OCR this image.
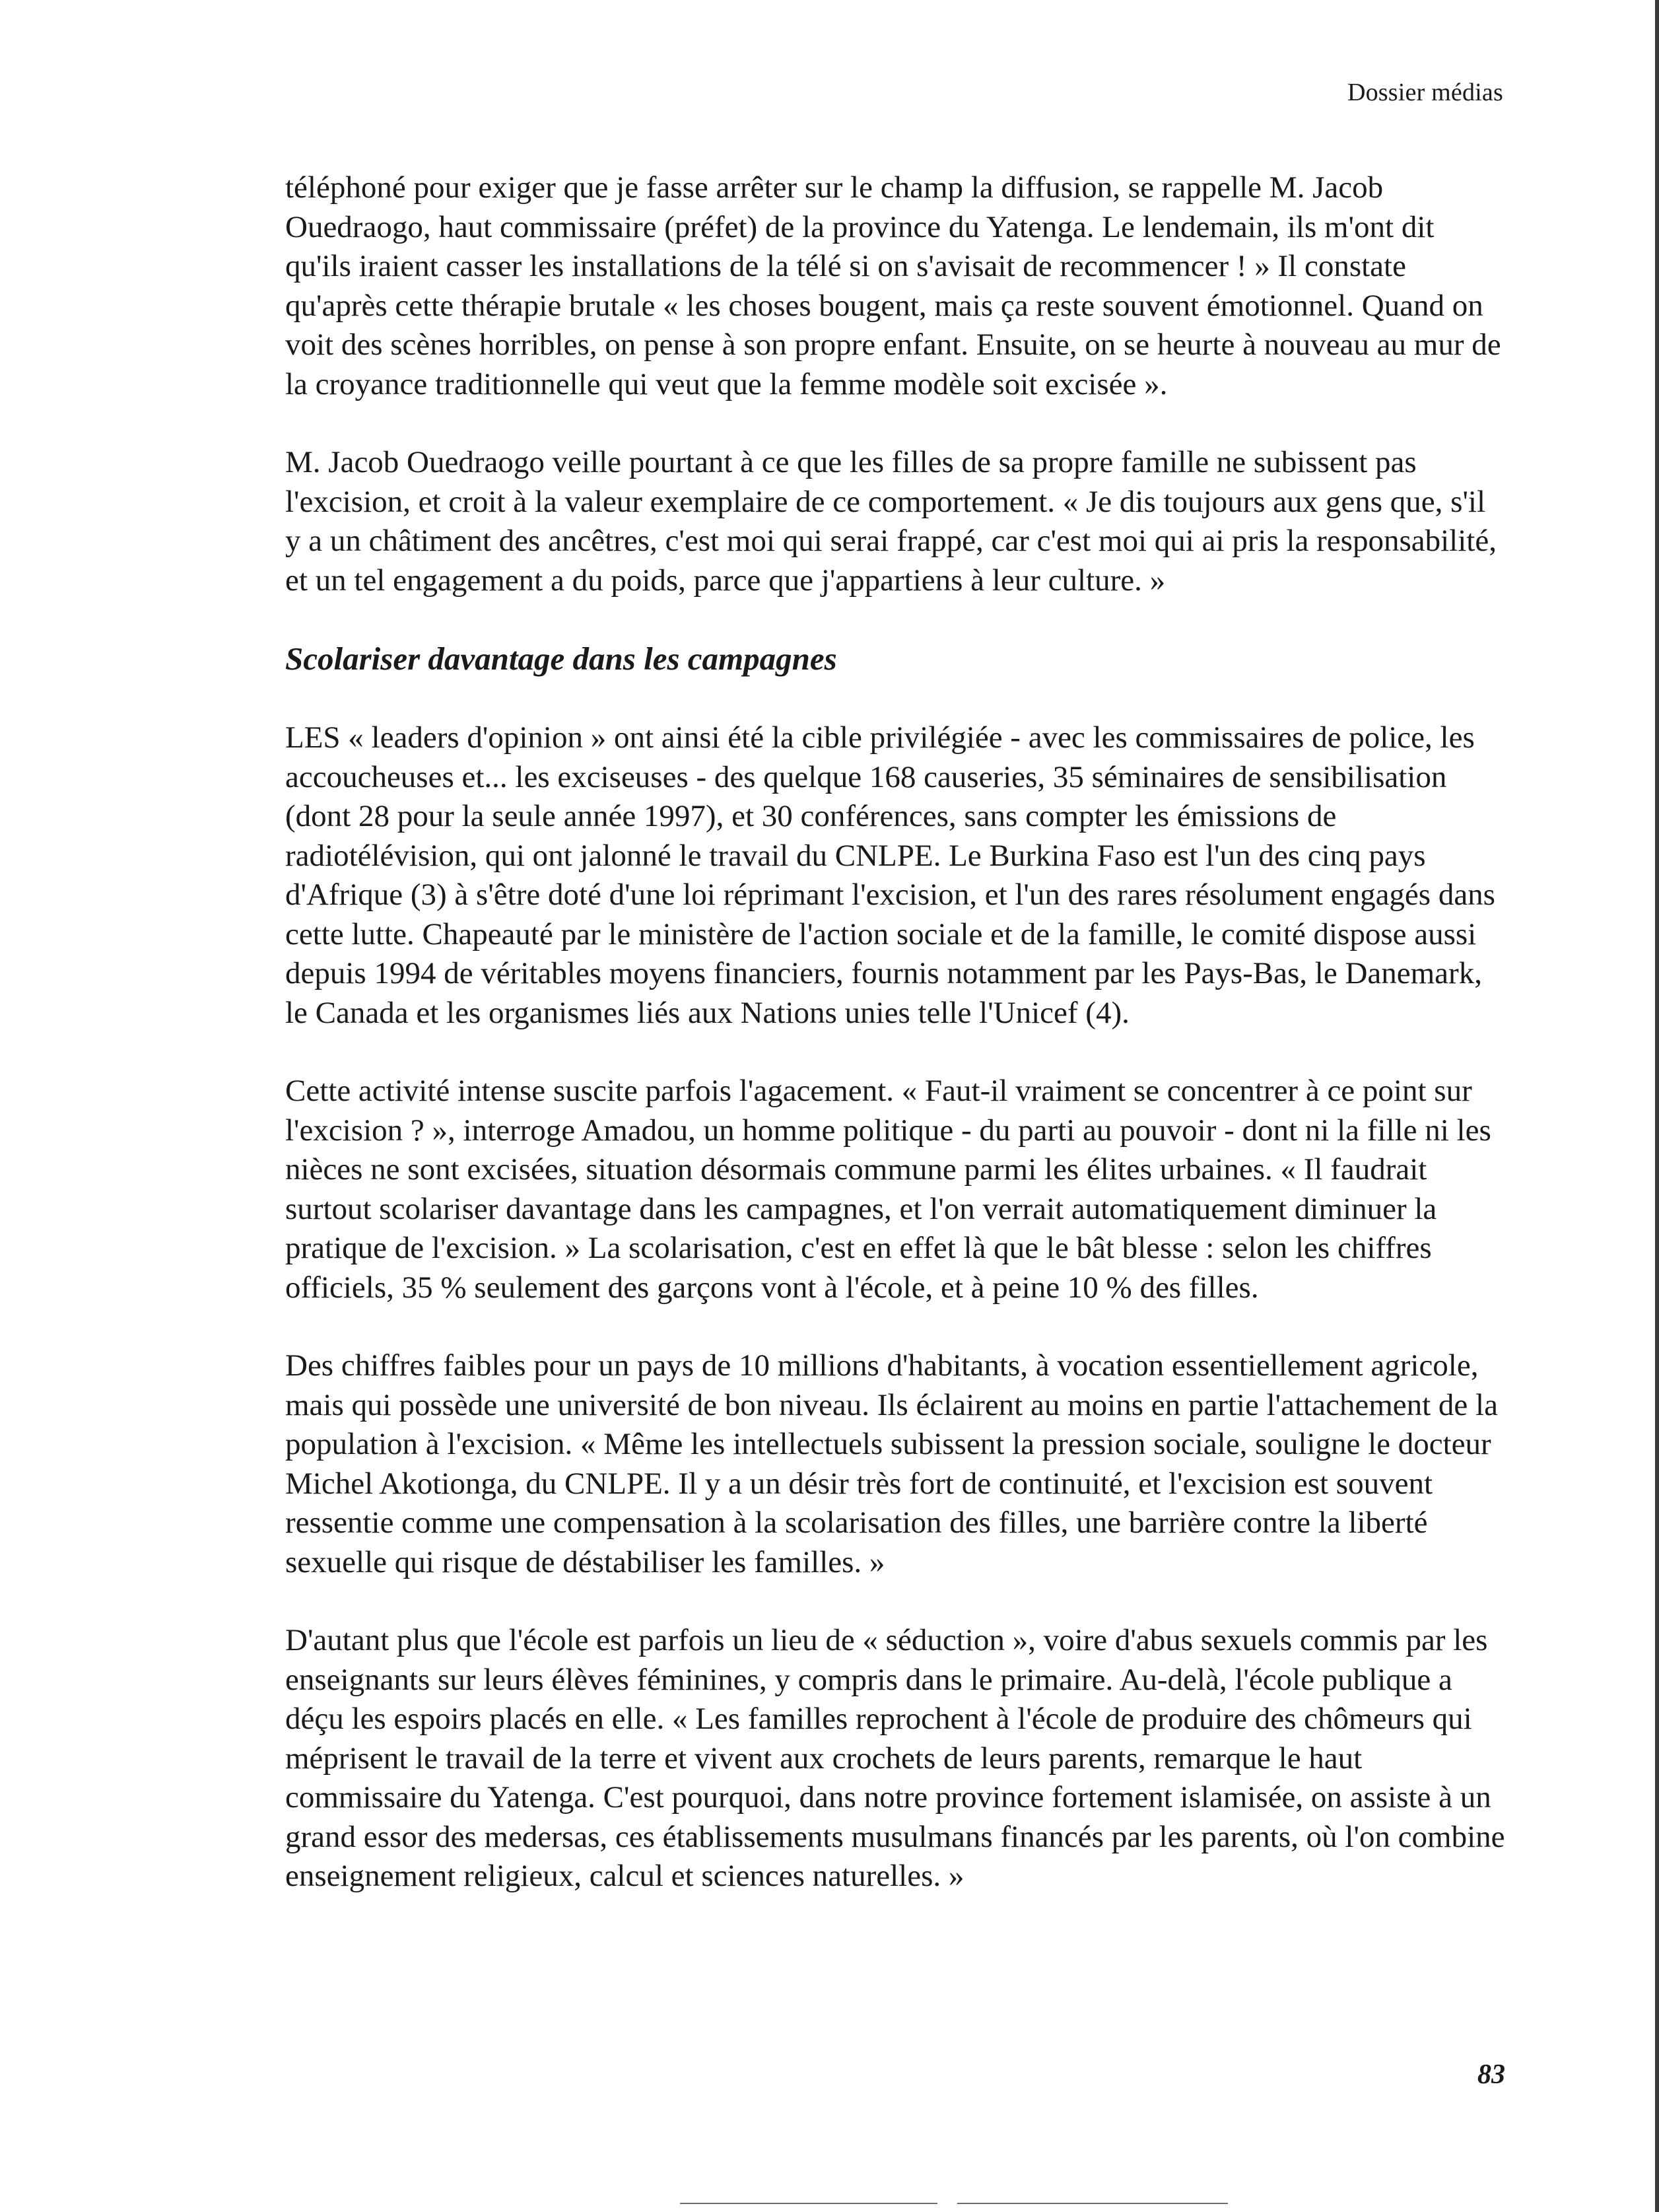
Dossier médias

téléphoné pour exiger que je fasse arrêter sur le champ la diffusion, se rappelle M. Jacob Ouedraogo, haut commissaire (préfet) de la province du Yatenga. Le lendemain, ils m'ont dit qu'ils iraient casser les installations de la télé si on s'avisait de recommencer ! » Il constate qu'après cette thérapie brutale « les choses bougent, mais ça reste souvent émotionnel. Quand on voit des scènes horribles, on pense à son propre enfant. Ensuite, on se heurte à nouveau au mur de la croyance traditionnelle qui veut que la femme modèle soit excisée ».

M. Jacob Ouedraogo veille pourtant à ce que les filles de sa propre famille ne subissent pas l'excision, et croit à la valeur exemplaire de ce comportement. « Je dis toujours aux gens que, s'il y a un châtiment des ancêtres, c'est moi qui serai frappé, car c'est moi qui ai pris la responsabilité, et un tel engagement a du poids, parce que j'appartiens à leur culture. »

Scolariser davantage dans les campagnes

LES « leaders d'opinion » ont ainsi été la cible privilégiée - avec les commissaires de police, les accoucheuses et... les exciseuses - des quelque 168 causeries, 35 séminaires de sensibilisation (dont 28 pour la seule année 1997), et 30 conférences, sans compter les émissions de radiotélévision, qui ont jalonné le travail du CNLPE. Le Burkina Faso est l'un des cinq pays d'Afrique (3) à s'être doté d'une loi réprimant l'excision, et l'un des rares résolument engagés dans cette lutte. Chapeauté par le ministère de l'action sociale et de la famille, le comité dispose aussi depuis 1994 de véritables moyens financiers, fournis notamment par les Pays-Bas, le Danemark, le Canada et les organismes liés aux Nations unies telle l'Unicef (4).

Cette activité intense suscite parfois l'agacement. « Faut-il vraiment se concentrer à ce point sur l'excision ? », interroge Amadou, un homme politique - du parti au pouvoir - dont ni la fille ni les nièces ne sont excisées, situation désormais commune parmi les élites urbaines. « Il faudrait surtout scolariser davantage dans les campagnes, et l'on verrait automatiquement diminuer la pratique de l'excision. » La scolarisation, c'est en effet là que le bât blesse : selon les chiffres officiels, 35 % seulement des garçons vont à l'école, et à peine 10 % des filles.

Des chiffres faibles pour un pays de 10 millions d'habitants, à vocation essentiellement agricole, mais qui possède une université de bon niveau. Ils éclairent au moins en partie l'attachement de la population à l'excision. « Même les intellectuels subissent la pression sociale, souligne le docteur Michel Akotionga, du CNLPE. Il y a un désir très fort de continuité, et l'excision est souvent ressentie comme une compensation à la scolarisation des filles, une barrière contre la liberté sexuelle qui risque de déstabiliser les familles. »

D'autant plus que l'école est parfois un lieu de « séduction », voire d'abus sexuels commis par les enseignants sur leurs élèves féminines, y compris dans le primaire. Au-delà, l'école publique a déçu les espoirs placés en elle. « Les familles reprochent à l'école de produire des chômeurs qui méprisent le travail de la terre et vivent aux crochets de leurs parents, remarque le haut commissaire du Yatenga. C'est pourquoi, dans notre province fortement islamisée, on assiste à un grand essor des medersas, ces établissements musulmans financés par les parents, où l'on combine enseignement religieux, calcul et sciences naturelles. »

83
